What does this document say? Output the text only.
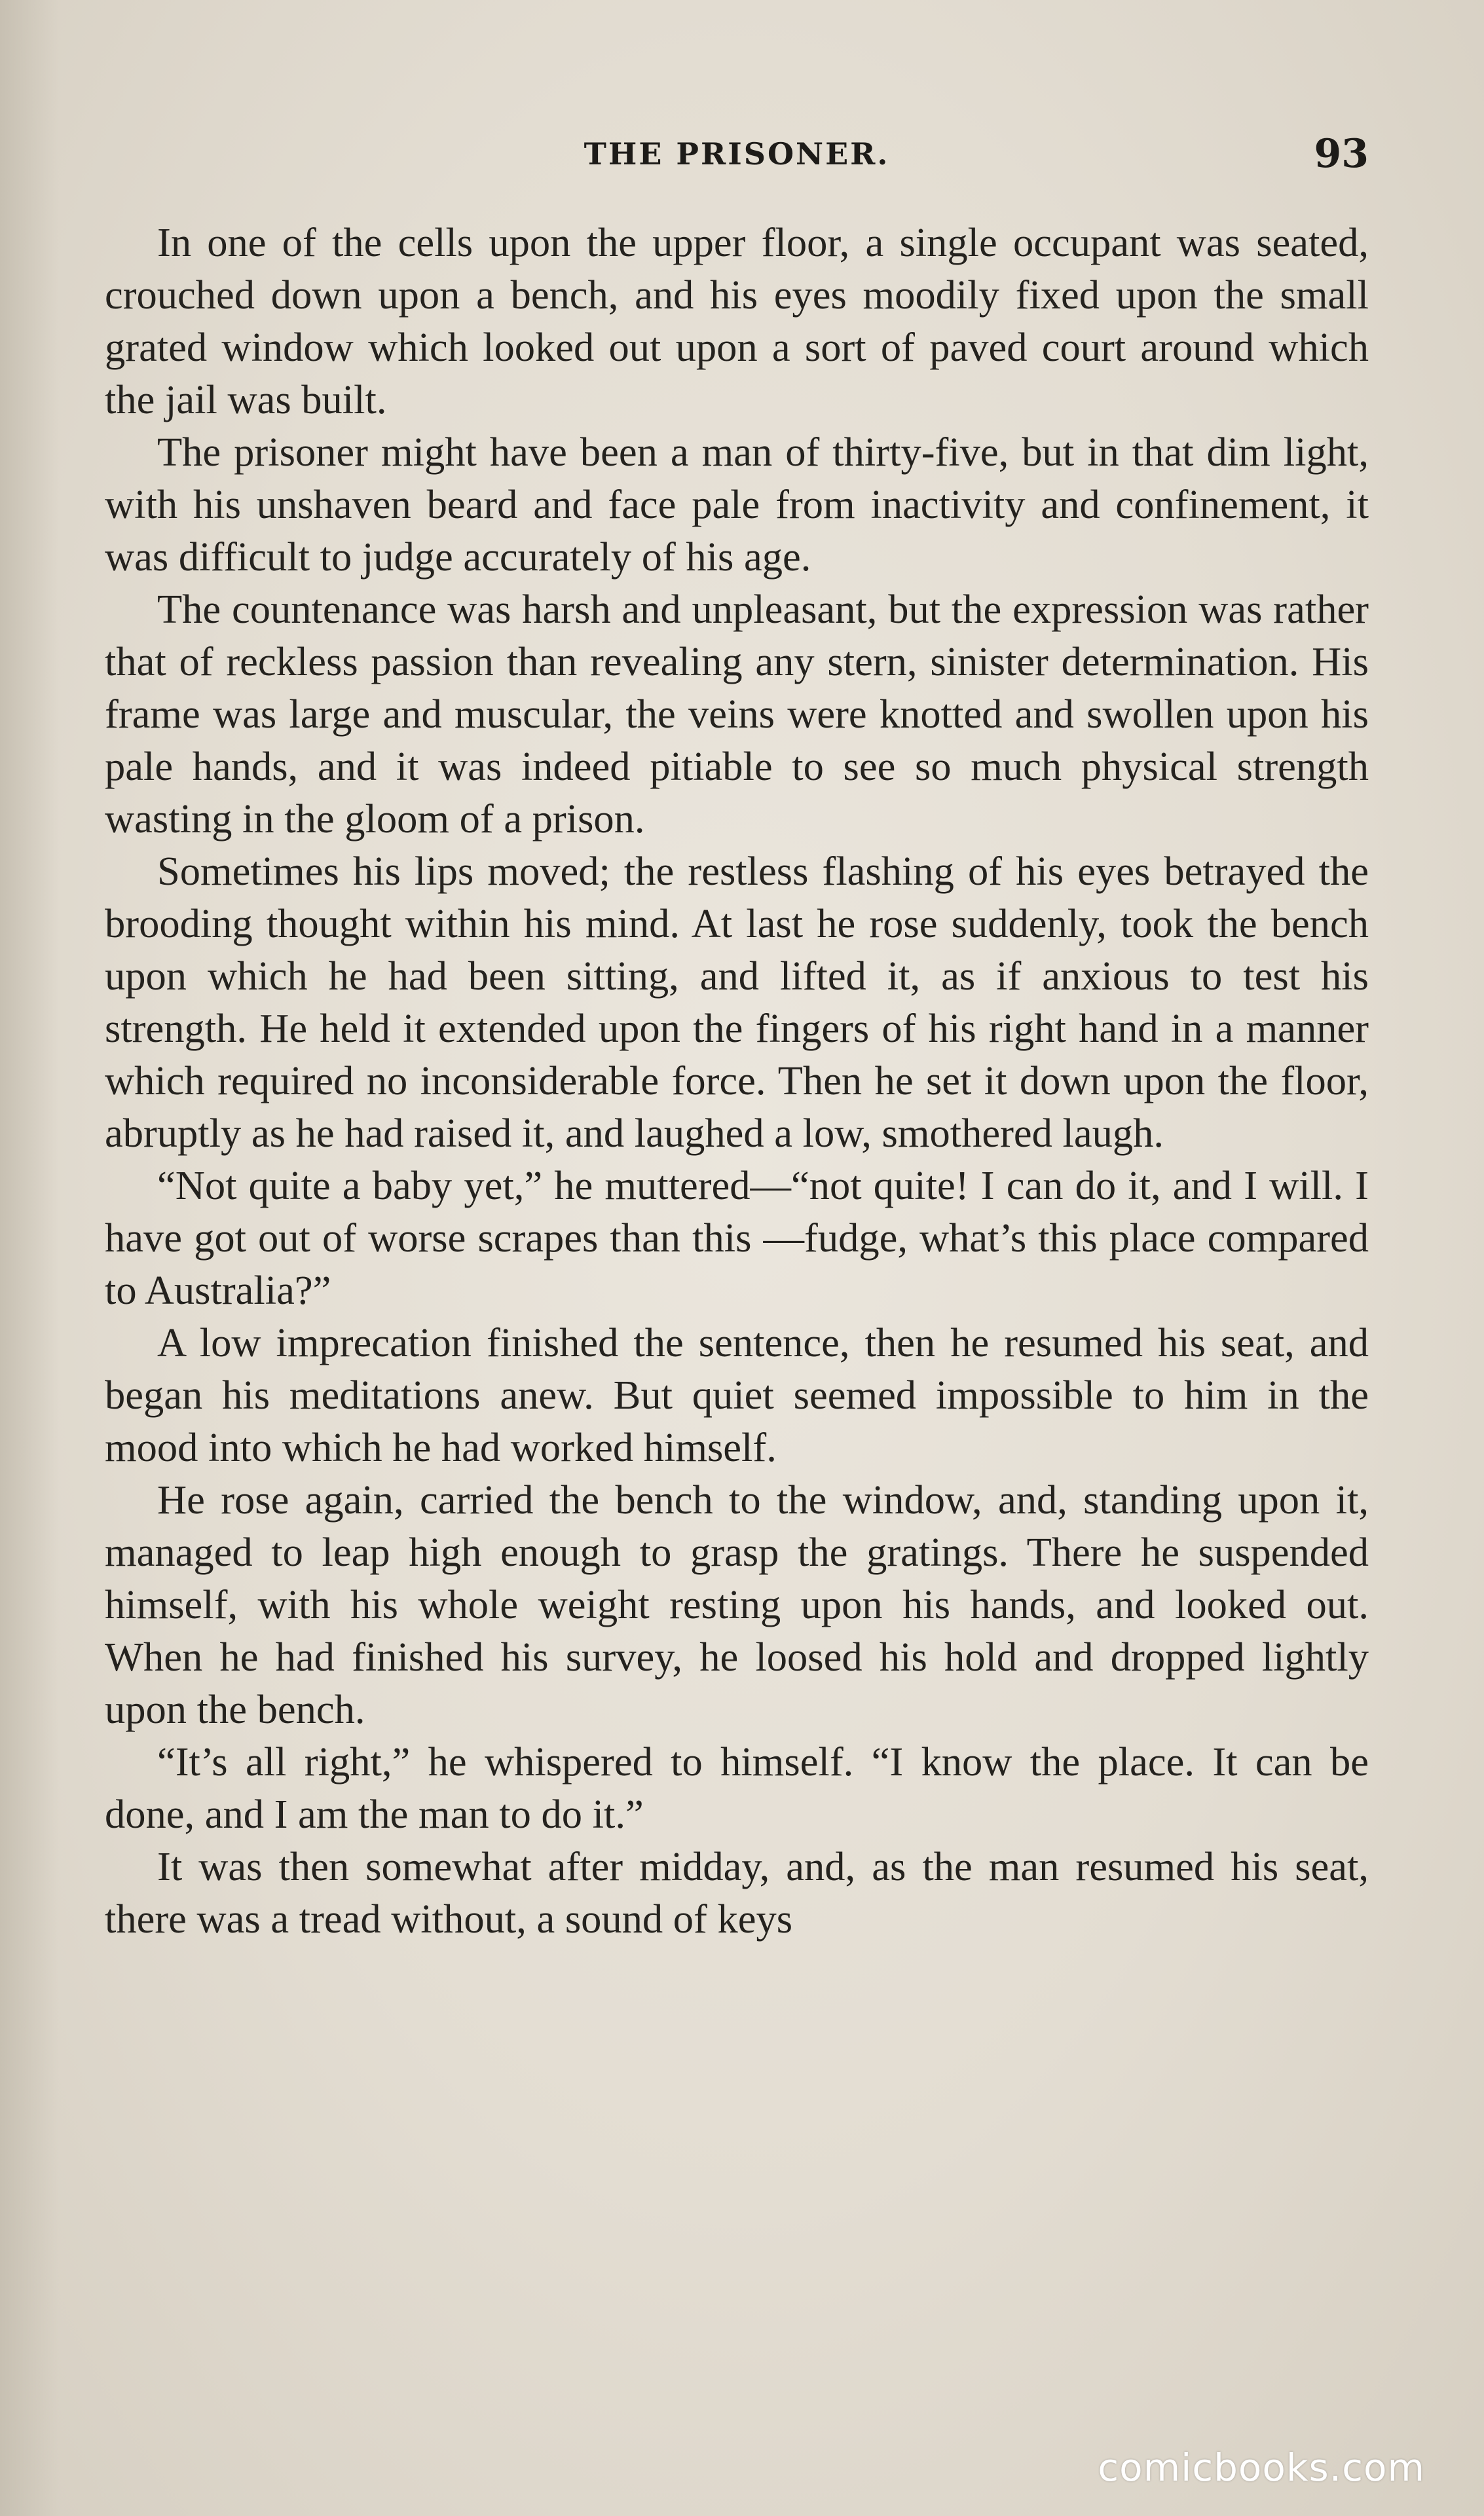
THE PRISONER.	93

In one of the cells upon the upper floor, a single occupant was seated, crouched down upon a bench, and his eyes moodily fixed upon the small grated window which looked out upon a sort of paved court around which the jail was built.

The prisoner might have been a man of thirty-five, but in that dim light, with his unshaven beard and face pale from inactivity and confinement, it was difficult to judge accurately of his age.

The countenance was harsh and unpleasant, but the expression was rather that of reckless passion than revealing any stern, sinister determination. His frame was large and muscular, the veins were knotted and swollen upon his pale hands, and it was indeed pitiable to see so much physical strength wasting in the gloom of a prison.

Sometimes his lips moved; the restless flashing of his eyes betrayed the brooding thought within his mind. At last he rose suddenly, took the bench upon which he had been sitting, and lifted it, as if anxious to test his strength. He held it extended upon the fingers of his right hand in a manner which required no inconsiderable force. Then he set it down upon the floor, abruptly as he had raised it, and laughed a low, smothered laugh.

“Not quite a baby yet,” he muttered—“not quite! I can do it, and I will. I have got out of worse scrapes than this —fudge, what’s this place compared to Australia?”

A low imprecation finished the sentence, then he resumed his seat, and began his meditations anew. But quiet seemed impossible to him in the mood into which he had worked himself.

He rose again, carried the bench to the window, and, standing upon it, managed to leap high enough to grasp the gratings. There he suspended himself, with his whole weight resting upon his hands, and looked out. When he had finished his survey, he loosed his hold and dropped lightly upon the bench.

“It’s all right,” he whispered to himself. “I know the place. It can be done, and I am the man to do it.”

It was then somewhat after midday, and, as the man resumed his seat, there was a tread without, a sound of keys

comicbooks.com
